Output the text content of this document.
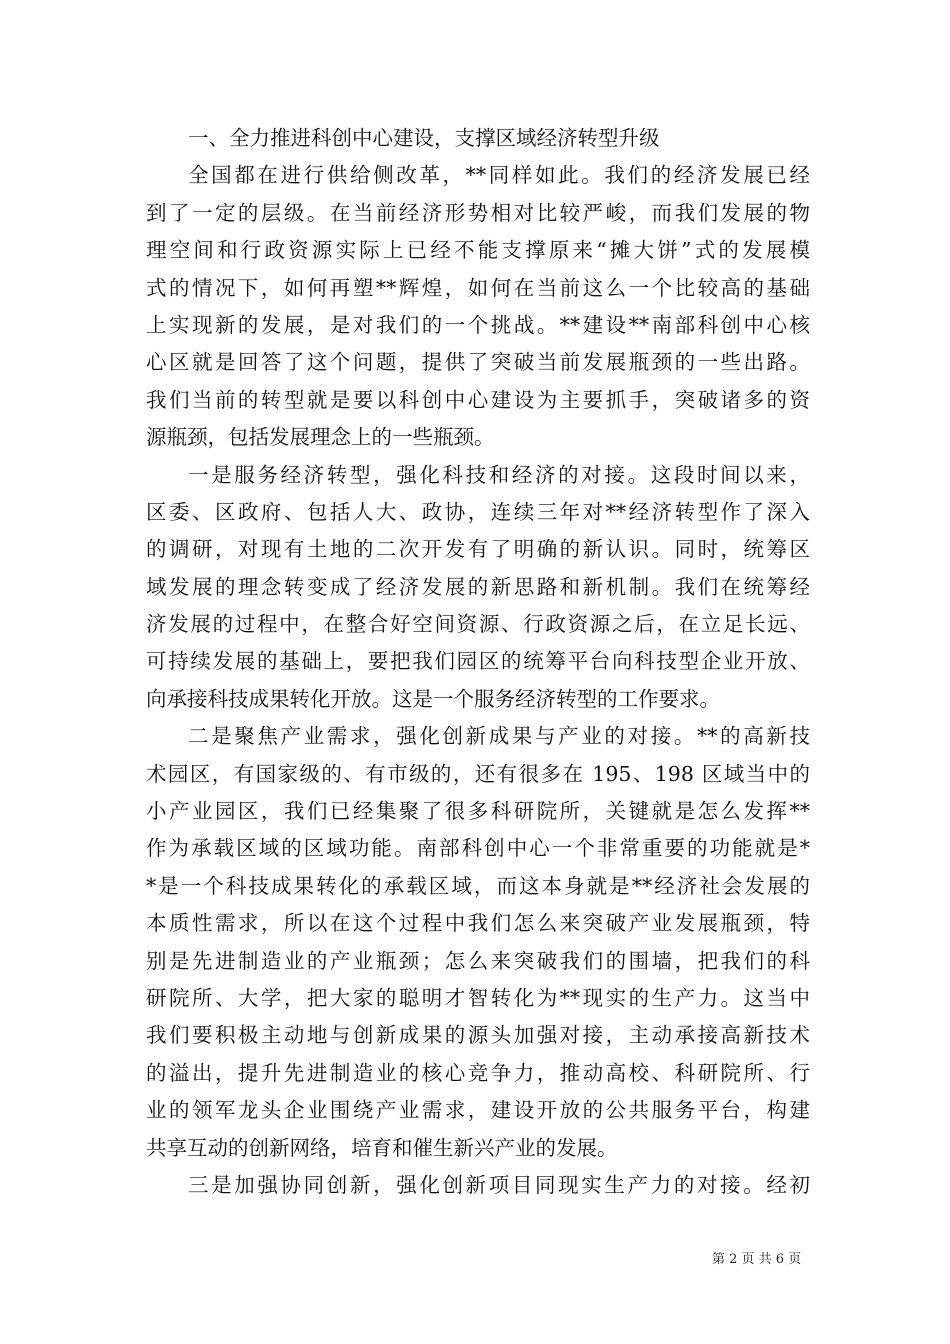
一、全力推进科创中心建设，支撑区域经济转型升级
全国都在进行供给侧改革，**同样如此。我们的经济发展已经
到了一定的层级。在当前经济形势相对比较严峻，而我们发展的物
理空间和行政资源实际上已经不能支撑原来“摊大饼”式的发展模
式的情况下，如何再塑**辉煌，如何在当前这么一个比较高的基础
上实现新的发展，是对我们的一个挑战。**建设**南部科创中心核
心区就是回答了这个问题，提供了突破当前发展瓶颈的一些出路。
我们当前的转型就是要以科创中心建设为主要抓手，突破诸多的资
源瓶颈，包括发展理念上的一些瓶颈。
一是服务经济转型，强化科技和经济的对接。这段时间以来，
区委、区政府、包括人大、政协，连续三年对**经济转型作了深入
的调研，对现有土地的二次开发有了明确的新认识。同时，统筹区
域发展的理念转变成了经济发展的新思路和新机制。我们在统筹经
济发展的过程中，在整合好空间资源、行政资源之后，在立足长远、
可持续发展的基础上，要把我们园区的统筹平台向科技型企业开放、
向承接科技成果转化开放。这是一个服务经济转型的工作要求。
二是聚焦产业需求，强化创新成果与产业的对接。**的高新技
术园区，有国家级的、有市级的，还有很多在 195、198 区域当中的
小产业园区，我们已经集聚了很多科研院所，关键就是怎么发挥**
作为承载区域的区域功能。南部科创中心一个非常重要的功能就是*
*是一个科技成果转化的承载区域，而这本身就是**经济社会发展的
本质性需求，所以在这个过程中我们怎么来突破产业发展瓶颈，特
别是先进制造业的产业瓶颈；怎么来突破我们的围墙，把我们的科
研院所、大学，把大家的聪明才智转化为**现实的生产力。这当中
我们要积极主动地与创新成果的源头加强对接，主动承接高新技术
的溢出，提升先进制造业的核心竞争力，推动高校、科研院所、行
业的领军龙头企业围绕产业需求，建设开放的公共服务平台，构建
共享互动的创新网络，培育和催生新兴产业的发展。
三是加强协同创新，强化创新项目同现实生产力的对接。经初
第 2 页 共 6 页
